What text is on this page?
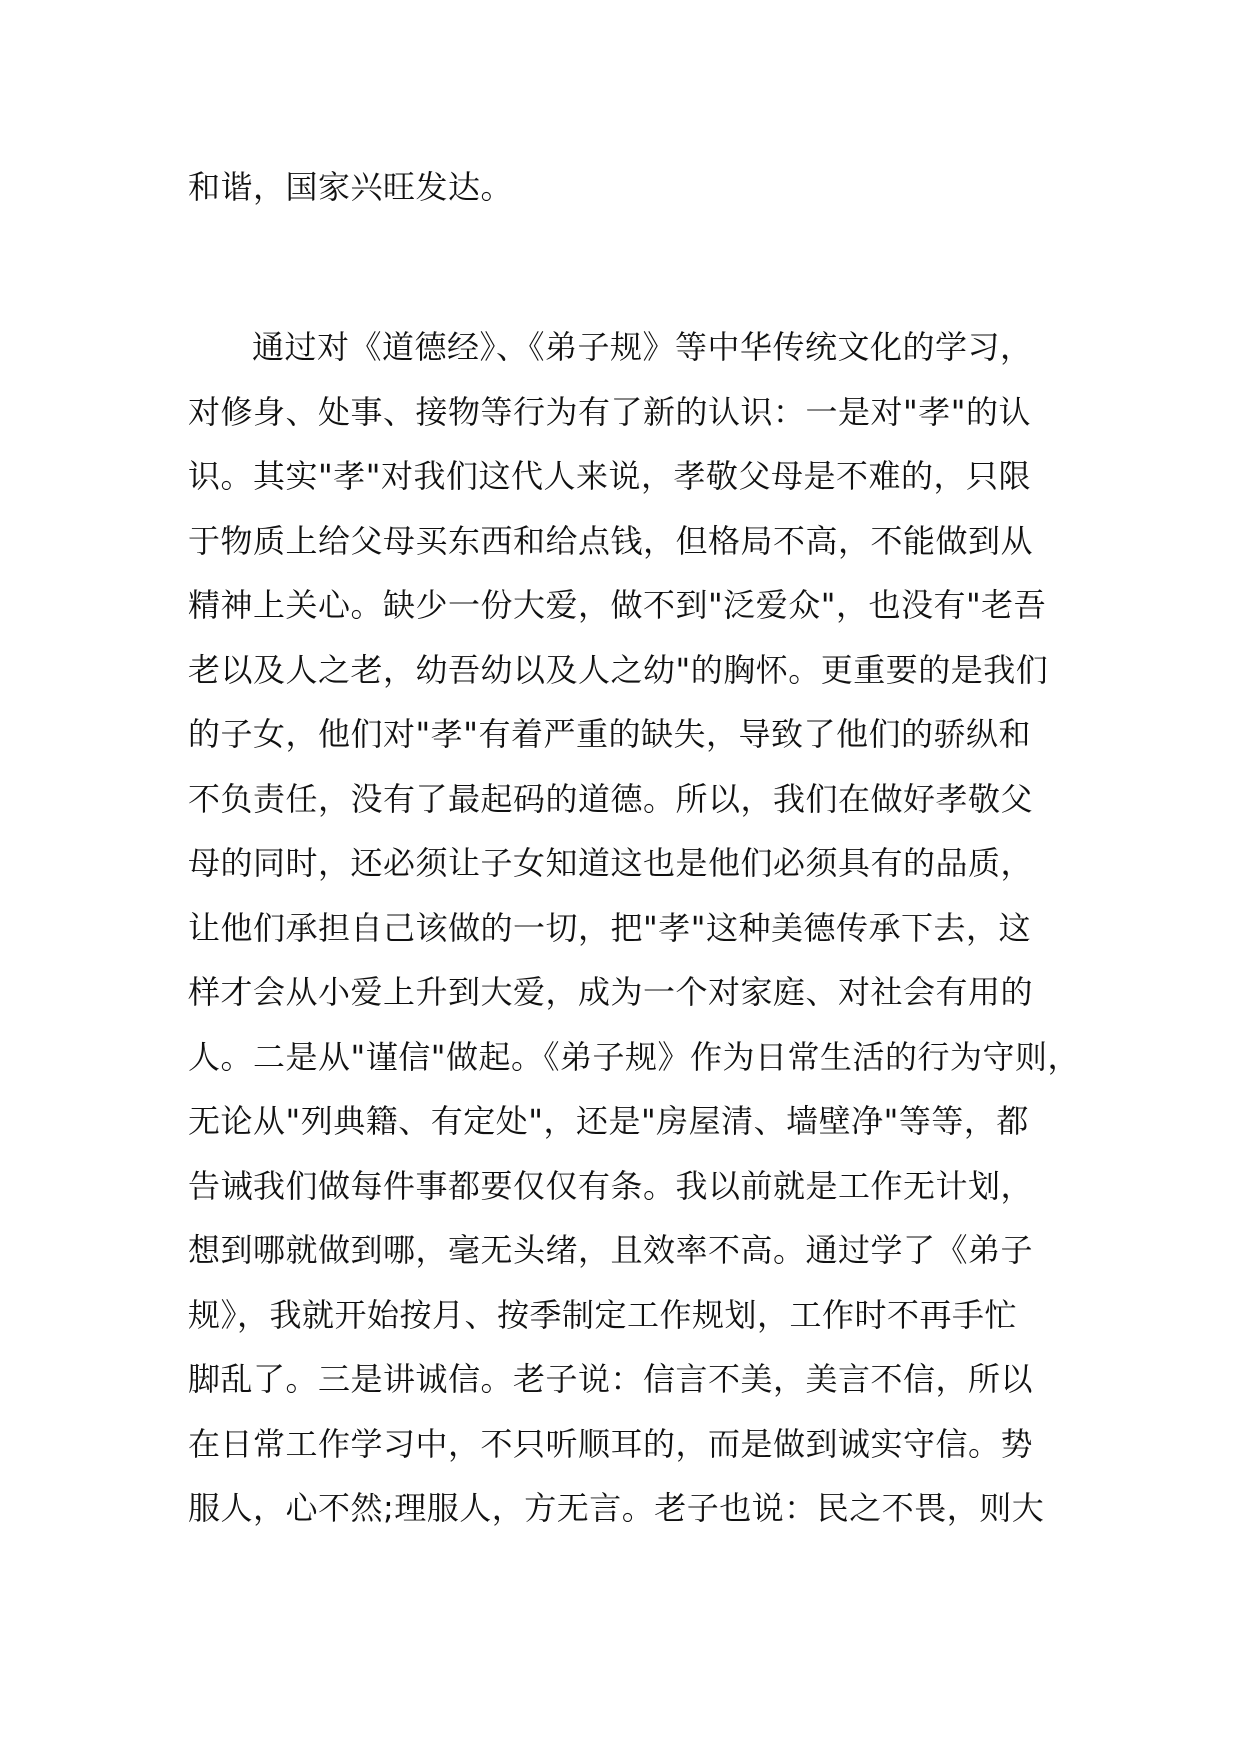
和谐，国家兴旺发达。
通过对《道德经》、《弟子规》等中华传统文化的学习，
对修身、处事、接物等行为有了新的认识：一是对"孝"的认
识。其实"孝"对我们这代人来说，孝敬父母是不难的，只限
于物质上给父母买东西和给点钱，但格局不高，不能做到从
精神上关心。缺少一份大爱，做不到"泛爱众"，也没有"老吾
老以及人之老，幼吾幼以及人之幼"的胸怀。更重要的是我们
的子女，他们对"孝"有着严重的缺失，导致了他们的骄纵和
不负责任，没有了最起码的道德。所以，我们在做好孝敬父
母的同时，还必须让子女知道这也是他们必须具有的品质，
让他们承担自己该做的一切，把"孝"这种美德传承下去，这
样才会从小爱上升到大爱，成为一个对家庭、对社会有用的
人。二是从"谨信"做起。《弟子规》作为日常生活的行为守则，
无论从"列典籍、有定处"，还是"房屋清、墙壁净"等等，都
告诫我们做每件事都要仅仅有条。我以前就是工作无计划，
想到哪就做到哪，毫无头绪，且效率不高。通过学了《弟子
规》，我就开始按月、按季制定工作规划，工作时不再手忙
脚乱了。三是讲诚信。老子说：信言不美，美言不信，所以
在日常工作学习中，不只听顺耳的，而是做到诚实守信。势
服人，心不然;理服人，方无言。老子也说：民之不畏，则大
